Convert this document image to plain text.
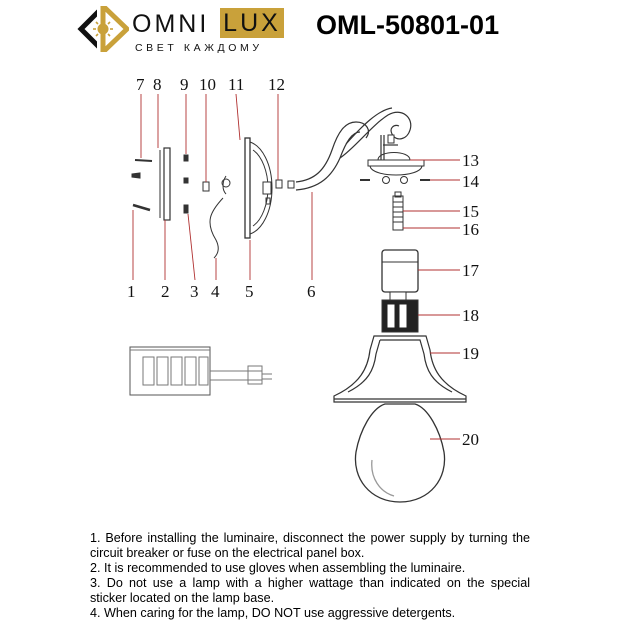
OMNI LUX
СВЕТ КАЖДОМУ
OML-50801-01
1 2 3 4 5	6
7 8 9 10 11 12
13
14
15
16
17
18
19
20

1. Before installing the luminaire, disconnect the power supply by turning the circuit breaker or fuse on the electrical panel box.

2. It is recommended to use gloves when assembling the luminaire.

3. Do not use a lamp with a higher wattage than indicated on the special sticker located on the lamp base.

4. When caring for the lamp, DO NOT use aggressive detergents.
